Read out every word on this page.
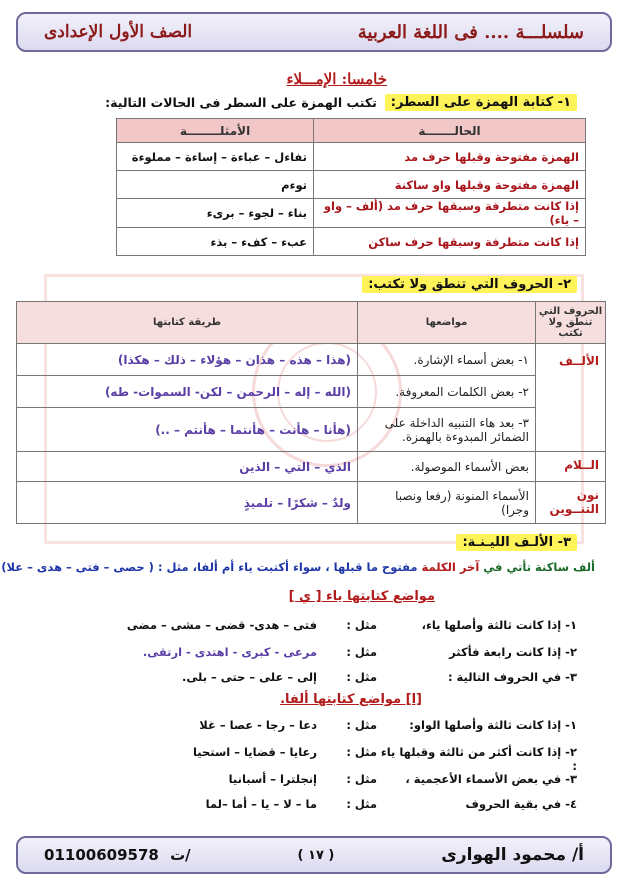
سلسلـــة .... فى اللغة العربية
الصف الأول الإعدادى
خامسا: الإمـــلاء
١- كتابة الهمزة على السطر:
تكتب الهمزة على السطر فى الحالات التالية:
الحالـــــــة	الأمثلــــــــة
الهمزة مفتوحة وقبلها حرف مد	تفاءل – عباءة – إساءة – مملوءة
الهمزة مفتوحة وقبلها واو ساكنة	توءم
إذا كانت متطرفة وسبقها حرف مد (ألف – واو – ياء)	بناء – لجوء – برىء
إذا كانت متطرفة وسبقها حرف ساكن	عبء – كفء – بذء
٢- الحروف التي تنطق ولا تكتب:
الحروف التي تنطق ولا تكتب	مواضعها	طريقة كتابتها
الألــف	١- بعض أسماء الإشارة.	(هذا – هذه – هذان – هؤلاء – ذلك – هكذا)
	٢- بعض الكلمات المعروفة.	(الله – إله – الرحمن – لكن- السموات- طه)
	٣- بعد هاء التنبيه الداخلة على الضمائر المبدوءة بالهمزة.	(هأنا – هأنت – هأنتما – هأنتم – ..)
الــلام	بعض الأسماء الموصولة.	الذي – التي – الذين
نون التنــوين	الأسماء المنونة (رفعا ونصبا وجرا)	ولدٌ – شكرًا – تلميذٍ
٣- الألـف الليـنـة:
ألف ساكنة تأتي في آخر الكلمة مفتوح ما قبلها ، سواء أكتبت ياء أم ألفا، مثل : ( حصى – فتى – هدى – علا)
مواضع كتابتها ياء [ ي ]
١- إذا كانت ثالثة وأصلها ياء،
مثل :
فتى – هدى- قضى – مشى – مضى
٢- إذا كانت رابعة فأكثر
مثل :
مرعى - كبرى - اهتدى - ارتقى.
٣- في الحروف التالية :
مثل :
إلى – على – حتى – بلى.
[ا] مواضع كتابتها ألفا.
١- إذا كانت ثالثة وأصلها الواو:
مثل :
دعا – رجا - عصا – غلا
٢- إذا كانت أكثر من ثالثة وقبلها ياء :
مثل :
رعايا – قضايا – استحيا
٣- في بعض الأسماء الأعجمية ،
مثل :
إنجلترا – أسبانيا
٤- في بقية الحروف
مثل :
ما – لا – يا – أما –لما
أ/ محمود الهوارى
( ١٧ )
01100609578 ت/
